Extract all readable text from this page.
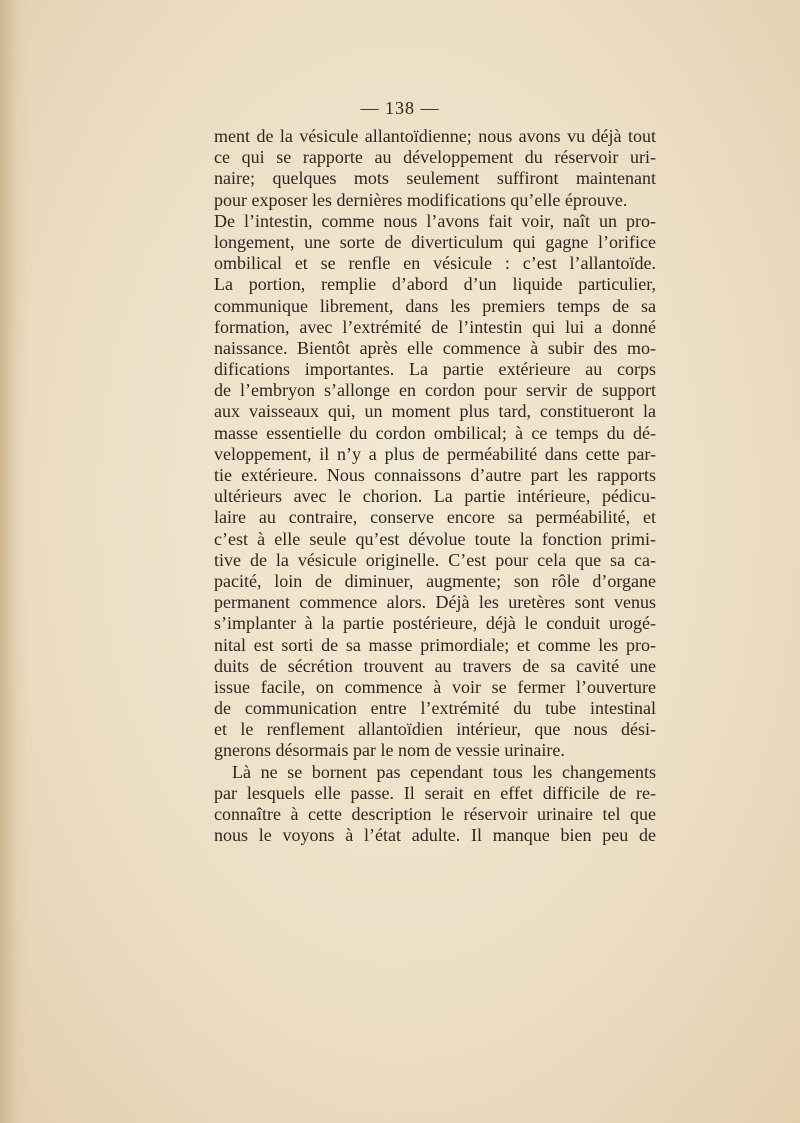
— 138 —
ment de la vésicule allantoïdienne; nous avons vu déjà tout
ce qui se rapporte au développement du réservoir uri-
naire; quelques mots seulement suffiront maintenant
pour exposer les dernières modifications qu’elle éprouve.
De l’intestin, comme nous l’avons fait voir, naît un pro-
longement, une sorte de diverticulum qui gagne l’orifice
ombilical et se renfle en vésicule : c’est l’allantoïde.
La portion, remplie d’abord d’un liquide particulier,
communique librement, dans les premiers temps de sa
formation, avec l’extrémité de l’intestin qui lui a donné
naissance. Bientôt après elle commence à subir des mo-
difications importantes. La partie extérieure au corps
de l’embryon s’allonge en cordon pour servir de support
aux vaisseaux qui, un moment plus tard, constitueront la
masse essentielle du cordon ombilical; à ce temps du dé-
veloppement, il n’y a plus de perméabilité dans cette par-
tie extérieure. Nous connaissons d’autre part les rapports
ultérieurs avec le chorion. La partie intérieure, pédicu-
laire au contraire, conserve encore sa perméabilité, et
c’est à elle seule qu’est dévolue toute la fonction primi-
tive de la vésicule originelle. C’est pour cela que sa ca-
pacité, loin de diminuer, augmente; son rôle d’organe
permanent commence alors. Déjà les uretères sont venus
s’implanter à la partie postérieure, déjà le conduit urogé-
nital est sorti de sa masse primordiale; et comme les pro-
duits de sécrétion trouvent au travers de sa cavité une
issue facile, on commence à voir se fermer l’ouverture
de communication entre l’extrémité du tube intestinal
et le renflement allantoïdien intérieur, que nous dési-
gnerons désormais par le nom de vessie urinaire.
Là ne se bornent pas cependant tous les changements
par lesquels elle passe. Il serait en effet difficile de re-
connaître à cette description le réservoir urinaire tel que
nous le voyons à l’état adulte. Il manque bien peu de
